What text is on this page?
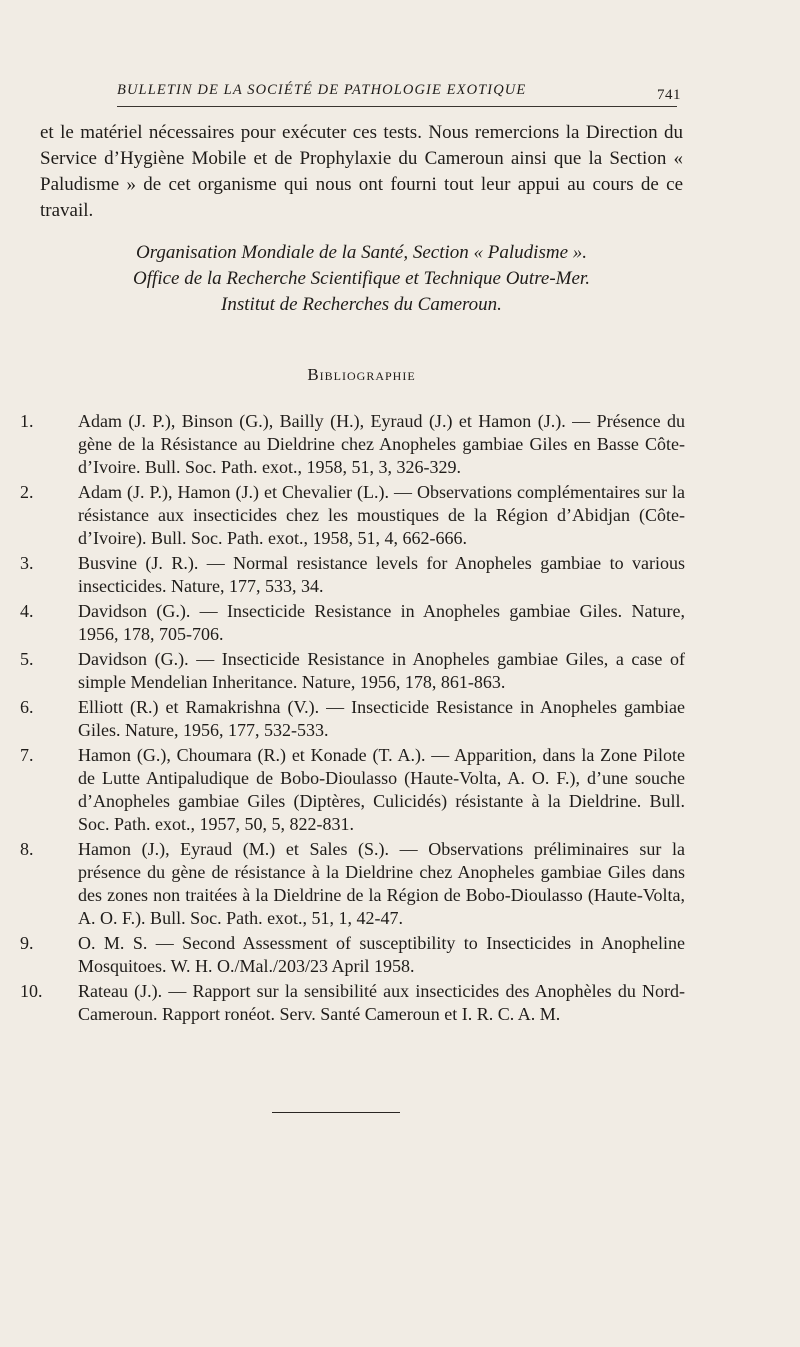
BULLETIN DE LA SOCIÉTÉ DE PATHOLOGIE EXOTIQUE	741

et le matériel nécessaires pour exécuter ces tests. Nous remercions la Direction du Service d’Hygiène Mobile et de Prophylaxie du Cameroun ainsi que la Section « Paludisme » de cet organisme qui nous ont fourni tout leur appui au cours de ce travail.

Organisation Mondiale de la Santé, Section « Paludisme ».
Office de la Recherche Scientifique et Technique Outre-Mer.
Institut de Recherches du Cameroun.
Bibliographie
1.	Adam (J. P.), Binson (G.), Bailly (H.), Eyraud (J.) et Hamon (J.). — Présence du gène de la Résistance au Dieldrine chez Anopheles gambiae Giles en Basse Côte-d’Ivoire. Bull. Soc. Path. exot., 1958, 51, 3, 326-329.
2.	Adam (J. P.), Hamon (J.) et Chevalier (L.). — Observations complémentaires sur la résistance aux insecticides chez les moustiques de la Région d’Abidjan (Côte-d’Ivoire). Bull. Soc. Path. exot., 1958, 51, 4, 662-666.
3.	Busvine (J. R.). — Normal resistance levels for Anopheles gambiae to various insecticides. Nature, 177, 533, 34.
4.	Davidson (G.). — Insecticide Resistance in Anopheles gambiae Giles. Nature, 1956, 178, 705-706.
5.	Davidson (G.). — Insecticide Resistance in Anopheles gambiae Giles, a case of simple Mendelian Inheritance. Nature, 1956, 178, 861-863.
6.	Elliott (R.) et Ramakrishna (V.). — Insecticide Resistance in Anopheles gambiae Giles. Nature, 1956, 177, 532-533.
7.	Hamon (G.), Choumara (R.) et Konade (T. A.). — Apparition, dans la Zone Pilote de Lutte Antipaludique de Bobo-Dioulasso (Haute-Volta, A. O. F.), d’une souche d’Anopheles gambiae Giles (Diptères, Culicidés) résistante à la Dieldrine. Bull. Soc. Path. exot., 1957, 50, 5, 822-831.
8.	Hamon (J.), Eyraud (M.) et Sales (S.). — Observations préliminaires sur la présence du gène de résistance à la Dieldrine chez Anopheles gambiae Giles dans des zones non traitées à la Dieldrine de la Région de Bobo-Dioulasso (Haute-Volta, A. O. F.). Bull. Soc. Path. exot., 51, 1, 42-47.
9.	O. M. S. — Second Assessment of susceptibility to Insecticides in Anopheline Mosquitoes. W. H. O./Mal./203/23 April 1958.
10.	Rateau (J.). — Rapport sur la sensibilité aux insecticides des Anophèles du Nord-Cameroun. Rapport ronéot. Serv. Santé Cameroun et I. R. C. A. M.
